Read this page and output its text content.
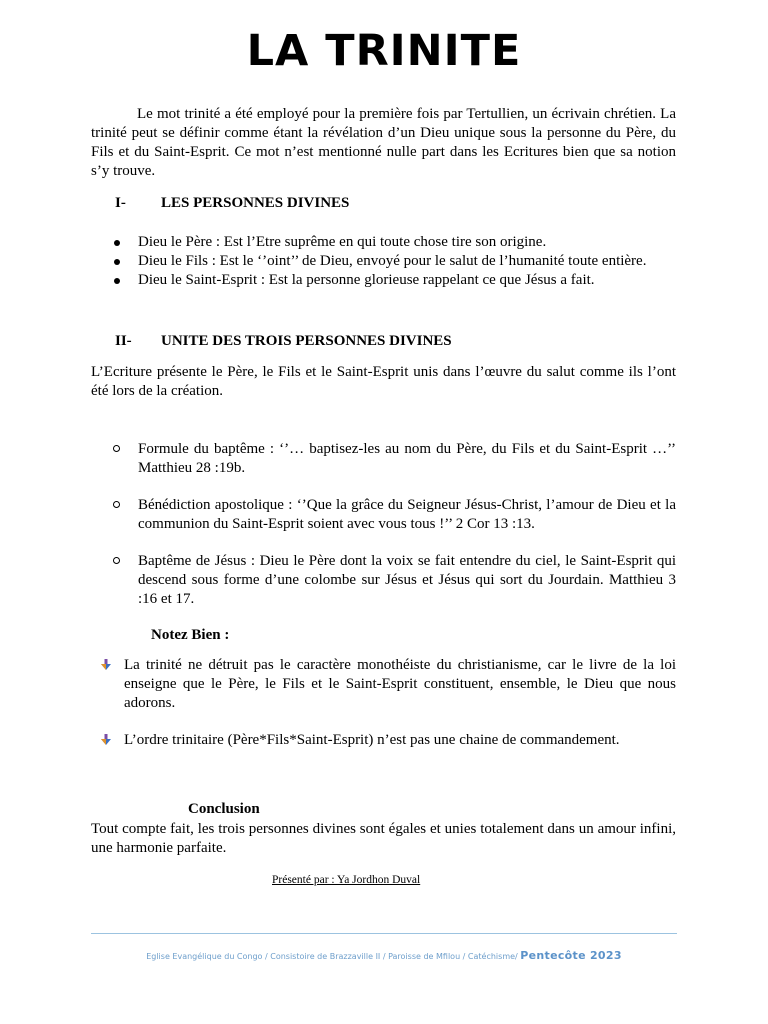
LA TRINITE

Le mot trinité a été employé pour la première fois par Tertullien, un écrivain chrétien. La trinité peut se définir comme étant la révélation d’un Dieu unique sous la personne du Père, du Fils et du Saint-Esprit. Ce mot n’est mentionné nulle part dans les Ecritures bien que sa notion s’y trouve.

I- LES PERSONNES DIVINES

Dieu le Père : Est l’Etre suprême en qui toute chose tire son origine.
Dieu le Fils : Est le ‘’oint’’ de Dieu, envoyé pour le salut de l’humanité toute entière.
Dieu le Saint-Esprit : Est la personne glorieuse rappelant ce que Jésus a fait.

II- UNITE DES TROIS PERSONNES DIVINES

L’Ecriture présente le Père, le Fils et le Saint-Esprit unis dans l’œuvre du salut comme ils l’ont été lors de la création.

Formule du baptême : ‘’… baptisez-les au nom du Père, du Fils et du Saint-Esprit …’’ Matthieu 28 :19b.
Bénédiction apostolique : ‘’Que la grâce du Seigneur Jésus-Christ, l’amour de Dieu et la communion du Saint-Esprit soient avec vous tous !’’ 2 Cor 13 :13.
Baptême de Jésus : Dieu le Père dont la voix se fait entendre du ciel, le Saint-Esprit qui descend sous forme d’une colombe sur Jésus et Jésus qui sort du Jourdain. Matthieu 3 :16 et 17.

Notez Bien :

La trinité ne détruit pas le caractère monothéiste du christianisme, car le livre de la loi enseigne que le Père, le Fils et le Saint-Esprit constituent, ensemble, le Dieu que nous adorons.
L’ordre trinitaire (Père*Fils*Saint-Esprit) n’est pas une chaine de commandement.

Conclusion

Tout compte fait, les trois personnes divines sont égales et unies totalement dans un amour infini, une harmonie parfaite.

Présenté par : Ya Jordhon Duval

Eglise Evangélique du Congo / Consistoire de Brazzaville II / Paroisse de Mfilou / Catéchisme/ Pentecôte 2023
